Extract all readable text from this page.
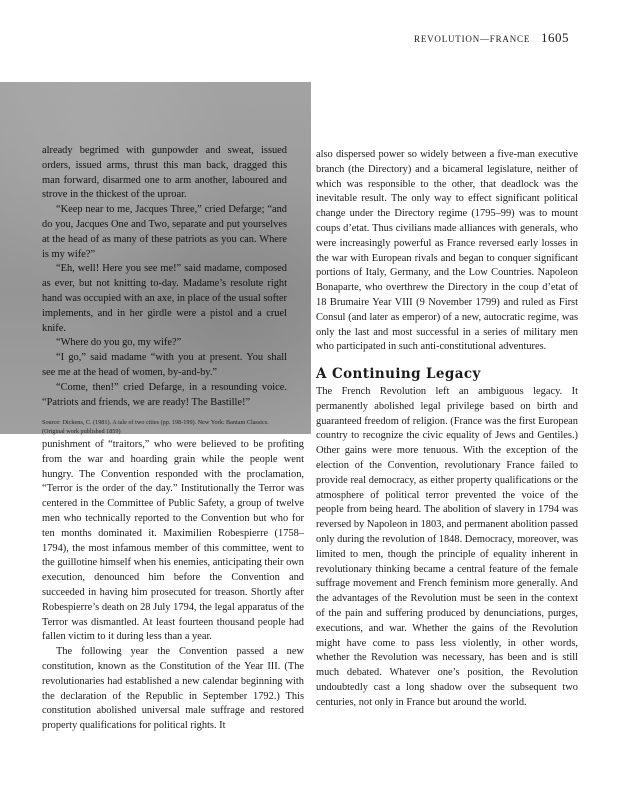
REVOLUTION—FRANCE 1605

already begrimed with gunpowder and sweat, issued orders, issued arms, thrust this man back, dragged this man forward, disarmed one to arm another, laboured and strove in the thickest of the uproar.

“Keep near to me, Jacques Three,” cried Defarge; “and do you, Jacques One and Two, separate and put yourselves at the head of as many of these patriots as you can. Where is my wife?”

“Eh, well! Here you see me!” said madame, composed as ever, but not knitting to-day. Madame’s resolute right hand was occupied with an axe, in place of the usual softer implements, and in her girdle were a pistol and a cruel knife.

“Where do you go, my wife?”

“I go,” said madame “with you at present. You shall see me at the head of women, by-and-by.”

“Come, then!” cried Defarge, in a resounding voice. “Patriots and friends, we are ready! The Bastille!”

Source: Dickens, C. (1981). A tale of two cities (pp. 198-199). New York: Bantam Classics. (Original work published 1859)

punishment of “traitors,” who were believed to be profiting from the war and hoarding grain while the people went hungry. The Convention responded with the proclamation, “Terror is the order of the day.” Institutionally the Terror was centered in the Committee of Public Safety, a group of twelve men who technically reported to the Convention but who for ten months dominated it. Maximilien Robespierre (1758–1794), the most infamous member of this committee, went to the guillotine himself when his enemies, anticipating their own execution, denounced him before the Convention and succeeded in having him prosecuted for treason. Shortly after Robespierre’s death on 28 July 1794, the legal apparatus of the Terror was dismantled. At least fourteen thousand people had fallen victim to it during less than a year.

The following year the Convention passed a new constitution, known as the Constitution of the Year III. (The revolutionaries had established a new calendar beginning with the declaration of the Republic in September 1792.) This constitution abolished universal male suffrage and restored property qualifications for political rights. It

also dispersed power so widely between a five-man executive branch (the Directory) and a bicameral legislature, neither of which was responsible to the other, that deadlock was the inevitable result. The only way to effect significant political change under the Directory regime (1795–99) was to mount coups d’etat. Thus civilians made alliances with generals, who were increasingly powerful as France reversed early losses in the war with European rivals and began to conquer significant portions of Italy, Germany, and the Low Countries. Napoleon Bonaparte, who overthrew the Directory in the coup d’etat of 18 Brumaire Year VIII (9 November 1799) and ruled as First Consul (and later as emperor) of a new, autocratic regime, was only the last and most successful in a series of military men who participated in such anti-constitutional adventures.

A Continuing Legacy

The French Revolution left an ambiguous legacy. It permanently abolished legal privilege based on birth and guaranteed freedom of religion. (France was the first European country to recognize the civic equality of Jews and Gentiles.) Other gains were more tenuous. With the exception of the election of the Convention, revolutionary France failed to provide real democracy, as either property qualifications or the atmosphere of political terror prevented the voice of the people from being heard. The abolition of slavery in 1794 was reversed by Napoleon in 1803, and permanent abolition passed only during the revolution of 1848. Democracy, moreover, was limited to men, though the principle of equality inherent in revolutionary thinking became a central feature of the female suffrage movement and French feminism more generally. And the advantages of the Revolution must be seen in the context of the pain and suffering produced by denunciations, purges, executions, and war. Whether the gains of the Revolution might have come to pass less violently, in other words, whether the Revolution was necessary, has been and is still much debated. Whatever one’s position, the Revolution undoubtedly cast a long shadow over the subsequent two centuries, not only in France but around the world.
